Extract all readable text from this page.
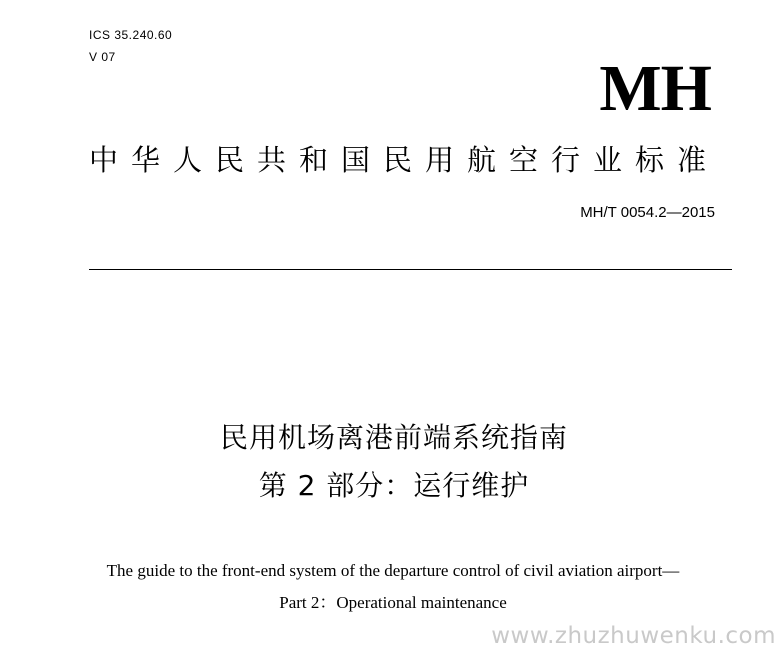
ICS 35.240.60
V 07	MH
中华人民共和国民用航空行业标准
MH/T 0054.2—2015
民用机场离港前端系统指南
第 2 部分：运行维护
The guide to the front-end system of the departure control of civil aviation airport—
Part 2：Operational maintenance
www.zhuzhuwenku.com
